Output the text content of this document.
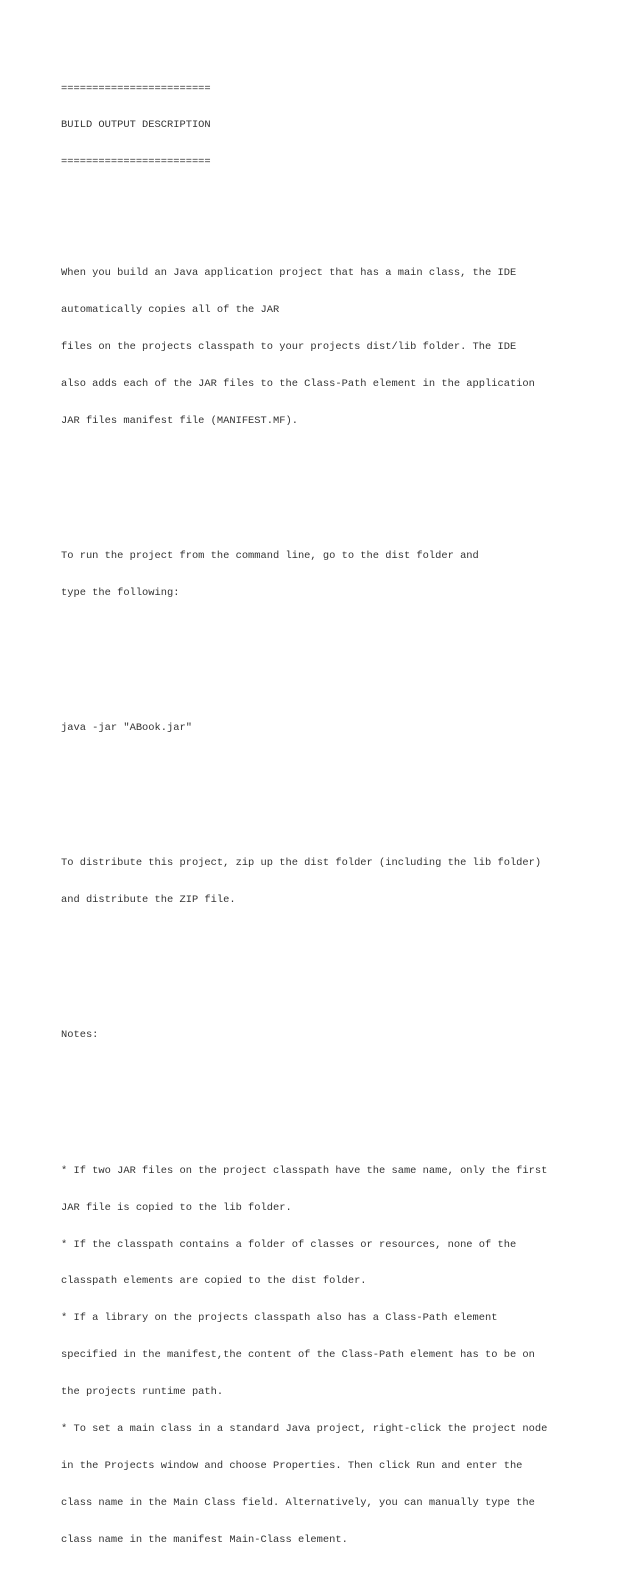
========================

BUILD OUTPUT DESCRIPTION

========================

When you build an Java application project that has a main class, the IDE

automatically copies all of the JAR

files on the projects classpath to your projects dist/lib folder. The IDE

also adds each of the JAR files to the Class-Path element in the application

JAR files manifest file (MANIFEST.MF).

To run the project from the command line, go to the dist folder and

type the following:

java -jar "ABook.jar"

To distribute this project, zip up the dist folder (including the lib folder)

and distribute the ZIP file.

Notes:

* If two JAR files on the project classpath have the same name, only the first

JAR file is copied to the lib folder.

* If the classpath contains a folder of classes or resources, none of the

classpath elements are copied to the dist folder.

* If a library on the projects classpath also has a Class-Path element

specified in the manifest,the content of the Class-Path element has to be on

the projects runtime path.

* To set a main class in a standard Java project, right-click the project node

in the Projects window and choose Properties. Then click Run and enter the

class name in the Main Class field. Alternatively, you can manually type the

class name in the manifest Main-Class element.
